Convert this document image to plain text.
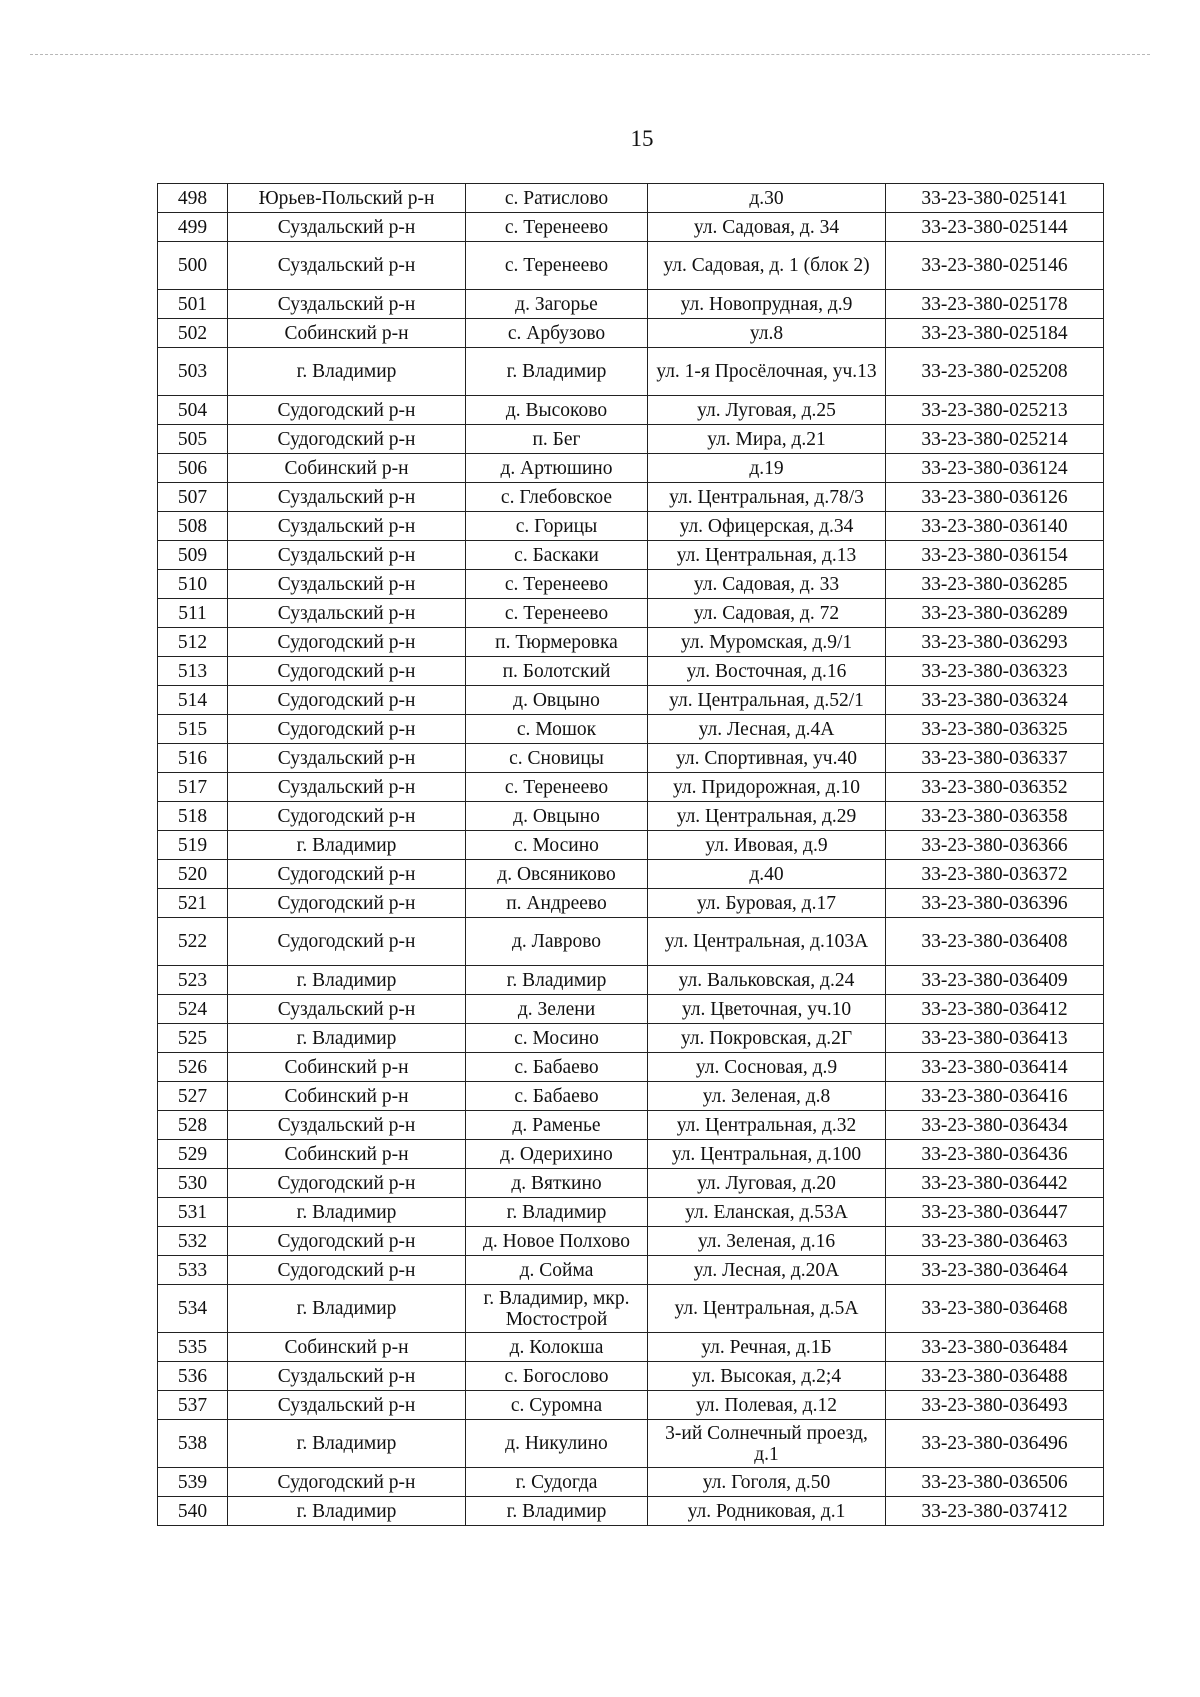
15
498	Юрьев-Польский р-н	с. Ратислово	д.30	33-23-380-025141
499	Суздальский р-н	с. Теренеево	ул. Садовая, д. 34	33-23-380-025144
500	Суздальский р-н	с. Теренеево	ул. Садовая, д. 1 (блок 2)	33-23-380-025146
501	Суздальский р-н	д. Загорье	ул. Новопрудная, д.9	33-23-380-025178
502	Собинский р-н	с. Арбузово	ул.8	33-23-380-025184
503	г. Владимир	г. Владимир	ул. 1-я Просёлочная, уч.13	33-23-380-025208
504	Судогодский р-н	д. Высоково	ул. Луговая, д.25	33-23-380-025213
505	Судогодский р-н	п. Бег	ул. Мира, д.21	33-23-380-025214
506	Собинский р-н	д. Артюшино	д.19	33-23-380-036124
507	Суздальский р-н	с. Глебовское	ул. Центральная, д.78/3	33-23-380-036126
508	Суздальский р-н	с. Горицы	ул. Офицерская, д.34	33-23-380-036140
509	Суздальский р-н	с. Баскаки	ул. Центральная, д.13	33-23-380-036154
510	Суздальский р-н	с. Теренеево	ул. Садовая, д. 33	33-23-380-036285
511	Суздальский р-н	с. Теренеево	ул. Садовая, д. 72	33-23-380-036289
512	Судогодский р-н	п. Тюрмеровка	ул. Муромская, д.9/1	33-23-380-036293
513	Судогодский р-н	п. Болотский	ул. Восточная, д.16	33-23-380-036323
514	Судогодский р-н	д. Овцыно	ул. Центральная, д.52/1	33-23-380-036324
515	Судогодский р-н	с. Мошок	ул. Лесная, д.4А	33-23-380-036325
516	Суздальский р-н	с. Сновицы	ул. Спортивная, уч.40	33-23-380-036337
517	Суздальский р-н	с. Теренеево	ул. Придорожная, д.10	33-23-380-036352
518	Судогодский р-н	д. Овцыно	ул. Центральная, д.29	33-23-380-036358
519	г. Владимир	с. Мосино	ул. Ивовая, д.9	33-23-380-036366
520	Судогодский р-н	д. Овсяниково	д.40	33-23-380-036372
521	Судогодский р-н	п. Андреево	ул. Буровая, д.17	33-23-380-036396
522	Судогодский р-н	д. Лаврово	ул. Центральная, д.103А	33-23-380-036408
523	г. Владимир	г. Владимир	ул. Вальковская, д.24	33-23-380-036409
524	Суздальский р-н	д. Зелени	ул. Цветочная, уч.10	33-23-380-036412
525	г. Владимир	с. Мосино	ул. Покровская, д.2Г	33-23-380-036413
526	Собинский р-н	с. Бабаево	ул. Сосновая, д.9	33-23-380-036414
527	Собинский р-н	с. Бабаево	ул. Зеленая, д.8	33-23-380-036416
528	Суздальский р-н	д. Раменье	ул. Центральная, д.32	33-23-380-036434
529	Собинский р-н	д. Одерихино	ул. Центральная, д.100	33-23-380-036436
530	Судогодский р-н	д. Вяткино	ул. Луговая, д.20	33-23-380-036442
531	г. Владимир	г. Владимир	ул. Еланская, д.53А	33-23-380-036447
532	Судогодский р-н	д. Новое Полхово	ул. Зеленая, д.16	33-23-380-036463
533	Судогодский р-н	д. Сойма	ул. Лесная, д.20А	33-23-380-036464
534	г. Владимир	г. Владимир, мкр. Мостострой	ул. Центральная, д.5А	33-23-380-036468
535	Собинский р-н	д. Колокша	ул. Речная, д.1Б	33-23-380-036484
536	Суздальский р-н	с. Богослово	ул. Высокая, д.2;4	33-23-380-036488
537	Суздальский р-н	с. Суромна	ул. Полевая, д.12	33-23-380-036493
538	г. Владимир	д. Никулино	3-ий Солнечный проезд, д.1	33-23-380-036496
539	Судогодский р-н	г. Судогда	ул. Гоголя, д.50	33-23-380-036506
540	г. Владимир	г. Владимир	ул. Родниковая, д.1	33-23-380-037412
